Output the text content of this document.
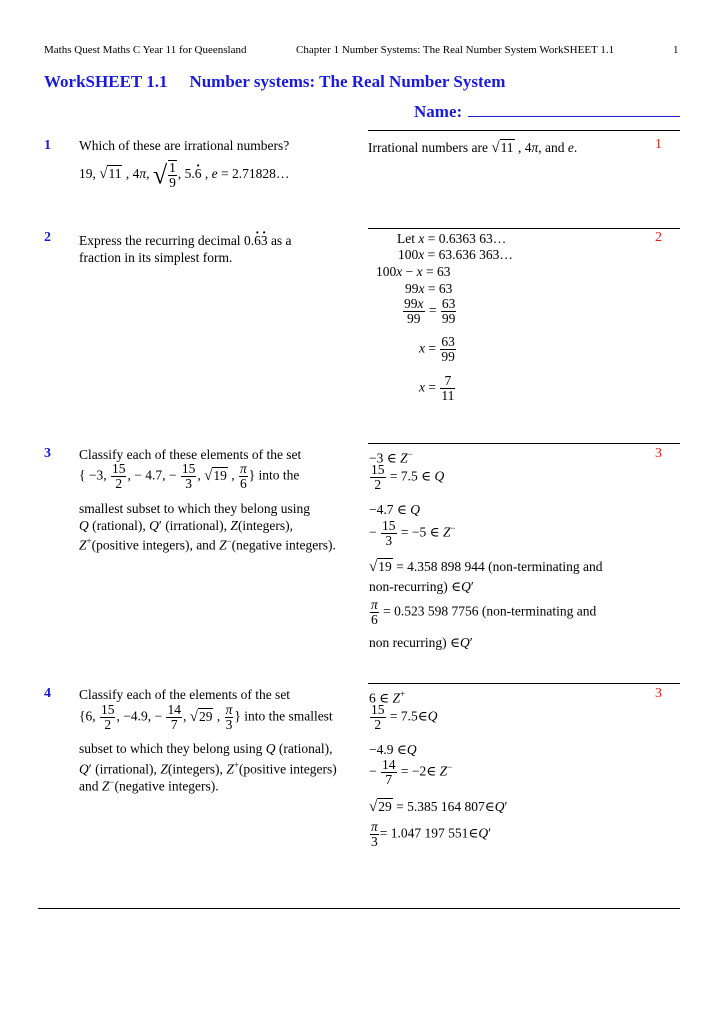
Maths Quest Maths C Year 11 for Queensland	Chapter 1 Number Systems: The Real Number System WorkSHEET 1.1	1
WorkSHEET 1.1 Number systems: The Real Number System
Name:
1 Which of these are irrational numbers?
19, √11 , 4π, √ $\frac{1}{9}$ , 5.6 · , e = 2.71828…
Irrational numbers are √11 , 4π, and e.	1
2 Express the recurring decimal 0.6 ·3 · as a
fraction in its simplest form.
2
Let x = 0.6363 63…
100x = 63.636 363…
100x − x = 63
99x = 63
$\frac{99x}{99} = \frac{63}{99}$
$x = \frac{63}{99}$
$x = \frac{7}{11}$
3 Classify each of these elements of the set
{ −3, $\frac{15}{2}$ , − 4.7, − $\frac{15}{3}$ , √19 , $\frac{\pi}{6}$ } into the
smallest subset to which they belong using
Q (rational), Q′ (irrational), Z(integers),
Z+(positive integers), and Z−(negative integers).
3
−3 ∈ Z−
$\frac{15}{2} = 7.5$ ∈ Q
−4.7 ∈ Q
− $\frac{15}{3} = -5$ ∈ Z−
√19 = 4.358 898 944 (non-terminating and
non-recurring) ∈Q′
$\frac{\pi}{6} = 0.523$ 598 7756 (non-terminating and
non recurring) ∈Q′
4 Classify each of the elements of the set
{6, $\frac{15}{2}$ , −4.9, − $\frac{14}{7}$ , √29 , $\frac{\pi}{3}$ } into the smallest
subset to which they belong using Q (rational),
Q′ (irrational), Z(integers), Z+(positive integers)
and Z−(negative integers).
3
6 ∈ Z+
$\frac{15}{2}$ = 7.5∈Q
−4.9 ∈Q
− $\frac{14}{7}$ = −2∈ Z−
√29 = 5.385 164 807∈Q′
$\frac{\pi}{3} = 1.047$ 197 551∈Q′
